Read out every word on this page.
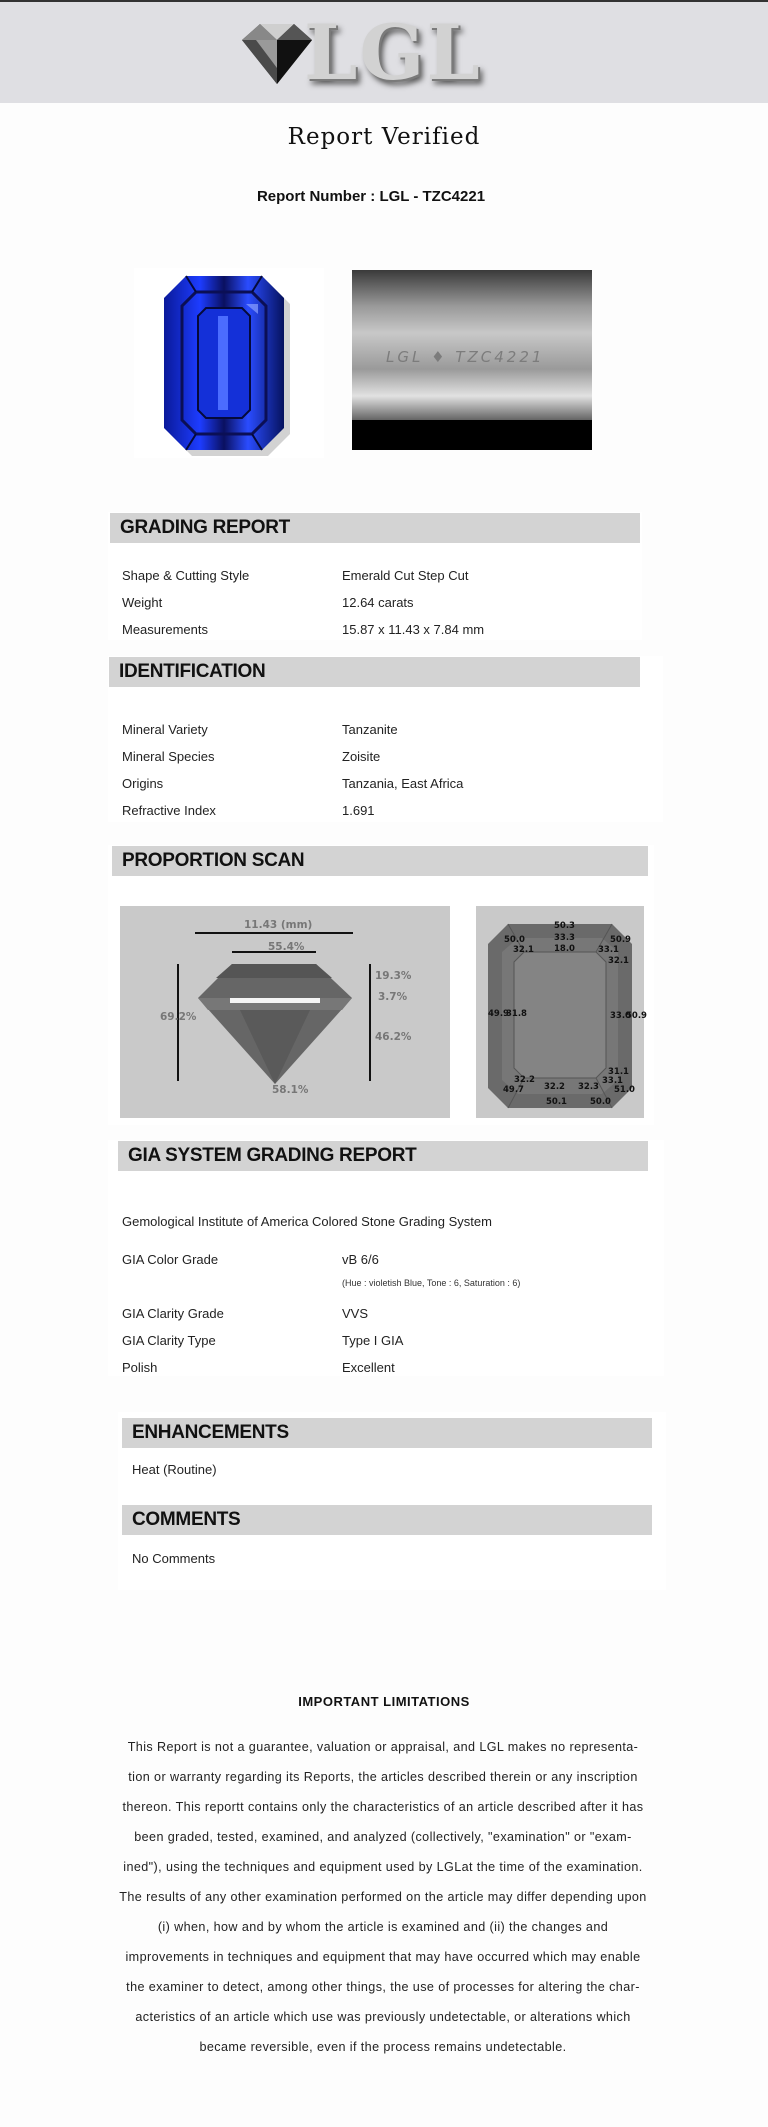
LGL
Report Verified
Report Number : LGL - TZC4221
LGL ♦ TZC4221
GRADING REPORT
Shape & Cutting Style	Emerald Cut Step Cut
Weight	12.64 carats
Measurements	15.87 x 11.43 x 7.84 mm
IDENTIFICATION
Mineral Variety	Tanzanite
Mineral Species	Zoisite
Origins	Tanzania, East Africa
Refractive Index	1.691
PROPORTION SCAN
11.43 (mm)
55.4%
69.2%
19.3%
3.7%
46.2%
58.1%
50.3
33.3
18.0
50.0
32.1
50.9
33.1
32.1
49.9
31.8	33.0
50.9
31.1
33.1
51.0
32.2
49.7 32.2 32.3
50.1	50.0
GIA SYSTEM GRADING REPORT
Gemological Institute of America Colored Stone Grading System
GIA Color Grade	vB 6/6
(Hue : violetish Blue, Tone : 6, Saturation : 6)
GIA Clarity Grade	VVS
GIA Clarity Type	Type I GIA
Polish	Excellent
ENHANCEMENTS
Heat (Routine)
COMMENTS
No Comments
IMPORTANT LIMITATIONS
This Report is not a guarantee, valuation or appraisal, and LGL makes no representa-tion or warranty regarding its Reports, the articles described therein or any inscription thereon. This reportt contains only the characteristics of an article described after it has been graded, tested, examined, and analyzed (collectively, "examination" or "exam-ined"), using the techniques and equipment used by LGLat the time of the examination. The results of any other examination performed on the article may differ depending upon (i) when, how and by whom the article is examined and (ii) the changes and improvements in techniques and equipment that may have occurred which may enable the examiner to detect, among other things, the use of processes for altering the char-acteristics of an article which use was previously undetectable, or alterations which became reversible, even if the process remains undetectable.
